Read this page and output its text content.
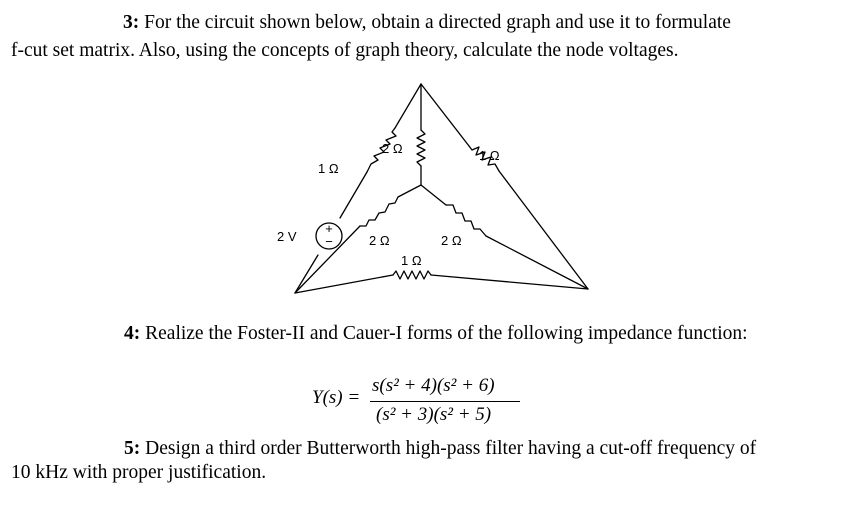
3: For the circuit shown below, obtain a directed graph and use it to formulate
f-cut set matrix. Also, using the concepts of graph theory, calculate the node voltages.
+
−
2 Ω	1 Ω
1 Ω
2 V	2 Ω	2 Ω
1 Ω
4: Realize the Foster-II and Cauer-I forms of the following impedance function:
Y(s) =
s(s² + 4)(s² + 6)
(s² + 3)(s² + 5)
5: Design a third order Butterworth high-pass filter having a cut-off frequency of
10 kHz with proper justification.
